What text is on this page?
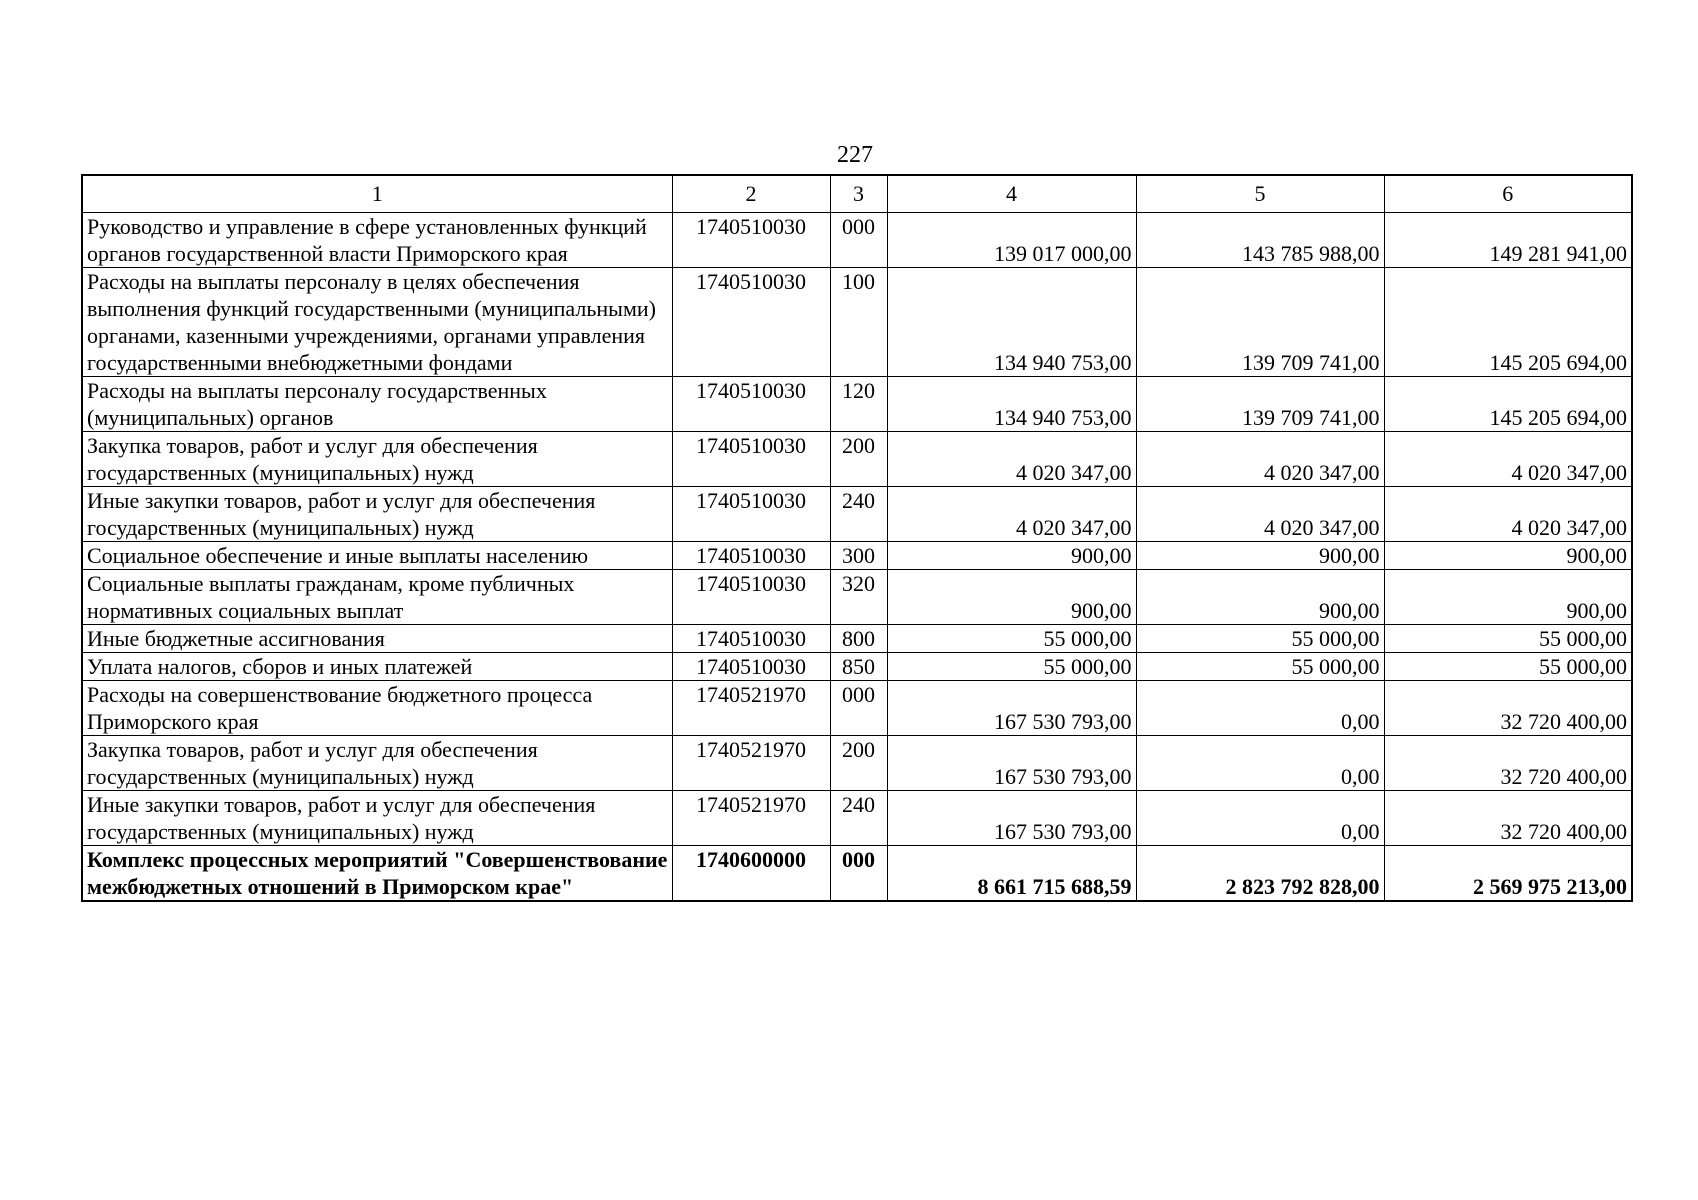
227
1	2	3	4	5	6
Руководство и управление в сфере установленных функций органов государственной власти Приморского края	1740510030	000	139 017 000,00	143 785 988,00	149 281 941,00
Расходы на выплаты персоналу в целях обеспечения выполнения функций государственными (муниципальными) органами, казенными учреждениями, органами управления государственными внебюджетными фондами	1740510030	100	134 940 753,00	139 709 741,00	145 205 694,00
Расходы на выплаты персоналу государственных (муниципальных) органов	1740510030	120	134 940 753,00	139 709 741,00	145 205 694,00
Закупка товаров, работ и услуг для обеспечения государственных (муниципальных) нужд	1740510030	200	4 020 347,00	4 020 347,00	4 020 347,00
Иные закупки товаров, работ и услуг для обеспечения государственных (муниципальных) нужд	1740510030	240	4 020 347,00	4 020 347,00	4 020 347,00
Социальное обеспечение и иные выплаты населению	1740510030	300	900,00	900,00	900,00
Социальные выплаты гражданам, кроме публичных нормативных социальных выплат	1740510030	320	900,00	900,00	900,00
Иные бюджетные ассигнования	1740510030	800	55 000,00	55 000,00	55 000,00
Уплата налогов, сборов и иных платежей	1740510030	850	55 000,00	55 000,00	55 000,00
Расходы на совершенствование бюджетного процесса Приморского края	1740521970	000	167 530 793,00	0,00	32 720 400,00
Закупка товаров, работ и услуг для обеспечения государственных (муниципальных) нужд	1740521970	200	167 530 793,00	0,00	32 720 400,00
Иные закупки товаров, работ и услуг для обеспечения государственных (муниципальных) нужд	1740521970	240	167 530 793,00	0,00	32 720 400,00
Комплекс процессных мероприятий "Совершенствование межбюджетных отношений в Приморском крае"	1740600000	000	8 661 715 688,59	2 823 792 828,00	2 569 975 213,00
